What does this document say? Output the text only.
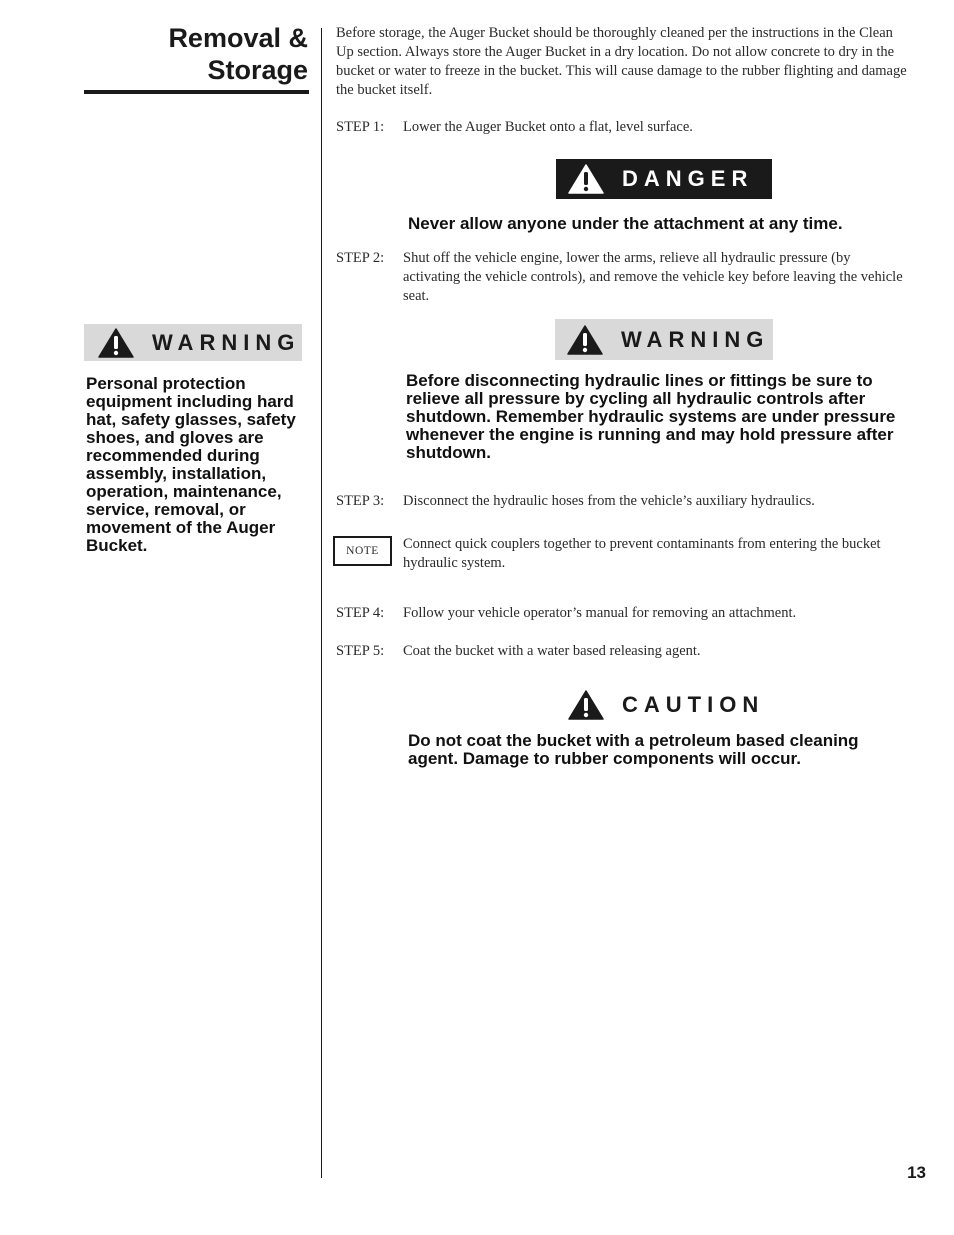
Removal &
Storage
WARNING
Personal protection equipment including hard hat, safety glasses, safety shoes, and gloves are recommended during assembly, installation, operation, maintenance, service, removal, or movement of the Auger Bucket.
Before storage, the Auger Bucket should be thoroughly cleaned per the instructions in the Clean Up section. Always store the Auger Bucket in a dry location. Do not allow concrete to dry in the bucket or water to freeze in the bucket. This will cause damage to the rubber flighting and damage the bucket itself.
STEP 1:	Lower the Auger Bucket onto a flat, level surface.
DANGER
Never allow anyone under the attachment at any time.
STEP 2:	Shut off the vehicle engine, lower the arms, relieve all hydraulic pressure (by activating the vehicle controls), and remove the vehicle key before leaving the vehicle seat.
WARNING
Before disconnecting hydraulic lines or fittings be sure to relieve all pressure by cycling all hydraulic controls after shutdown. Remember hydraulic systems are under pressure whenever the engine is running and may hold pressure after shutdown.
STEP 3:	Disconnect the hydraulic hoses from the vehicle’s auxiliary hydraulics.
NOTE Connect quick couplers together to prevent contaminants from entering the bucket hydraulic system.
STEP 4:	Follow your vehicle operator’s manual for removing an attachment.
STEP 5:	Coat the bucket with a water based releasing agent.
CAUTION
Do not coat the bucket with a petroleum based cleaning agent. Damage to rubber components will occur.
13
